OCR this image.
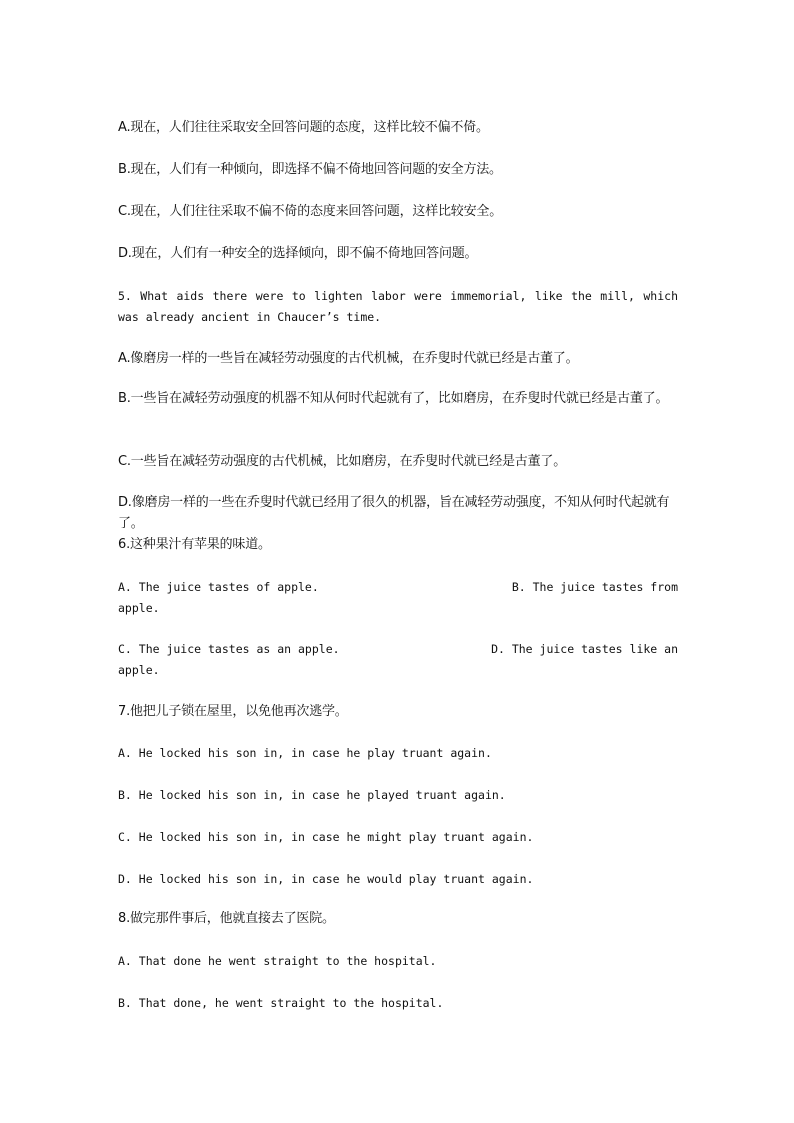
A.现在，人们往往采取安全回答问题的态度，这样比较不偏不倚。
B.现在，人们有一种倾向，即选择不偏不倚地回答问题的安全方法。
C.现在，人们往往采取不偏不倚的态度来回答问题，这样比较安全。
D.现在，人们有一种安全的选择倾向，即不偏不倚地回答问题。
5. What aids there were to lighten labor were immemorial, like the mill, which was already ancient in Chaucer’s time.
A.像磨房一样的一些旨在减轻劳动强度的古代机械，在乔叟时代就已经是古董了。
B.一些旨在减轻劳动强度的机器不知从何时代起就有了，比如磨房，在乔叟时代就已经是古董了。
C.一些旨在减轻劳动强度的古代机械，比如磨房，在乔叟时代就已经是古董了。
D.像磨房一样的一些在乔叟时代就已经用了很久的机器，旨在减轻劳动强度，不知从何时代起就有了。
6.这种果汁有苹果的味道。
A. The juice tastes of apple.	B. The juice tastes from
apple.
C. The juice tastes as an apple.	D. The juice tastes like an
apple.
7.他把儿子锁在屋里，以免他再次逃学。
A. He locked his son in, in case he play truant again.
B. He locked his son in, in case he played truant again.
C. He locked his son in, in case he might play truant again.
D. He locked his son in, in case he would play truant again.
8.做完那件事后，他就直接去了医院。
A. That done he went straight to the hospital.
B. That done, he went straight to the hospital.
